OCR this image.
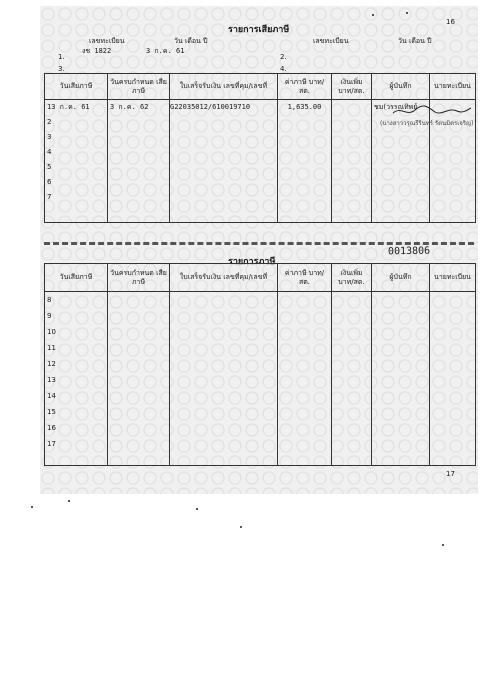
รายการเสียภาษี
16
เลขทะเบียน	วัน เดือน ปี	เลขทะเบียน	วัน เดือน ปี
1.
งช 1822	3 ก.ค. 61
2.
3.	4.
วันเสียภาษี	วันครบกำหนด เสียภาษี	ใบเสร็จรับเงิน เลขที่คุม/เลขที่	ค่าภาษี บาท/สต.	เงินเพิ่ม บาท/สต.	ผู้บันทึก	นายทะเบียน
13 ก.ค. 61	3 ก.ค. 62	G22035012/610019710	1,635.00		ชม(วรรณทิพย์	
2						
3						
4						
5						
6						
7						

(นางสาววรุณรีรินทร์ รัตนมิตรเจริญ)
0013806
รายการภาษี
วันเสียภาษี	วันครบกำหนด เสียภาษี	ใบเสร็จรับเงิน เลขที่คุม/เลขที่	ค่าภาษี บาท/สต.	เงินเพิ่ม บาท/สต.	ผู้บันทึก	นายทะเบียน
8						
9						
10						
11						
12						
13						
14						
15						
16						
17						

17
